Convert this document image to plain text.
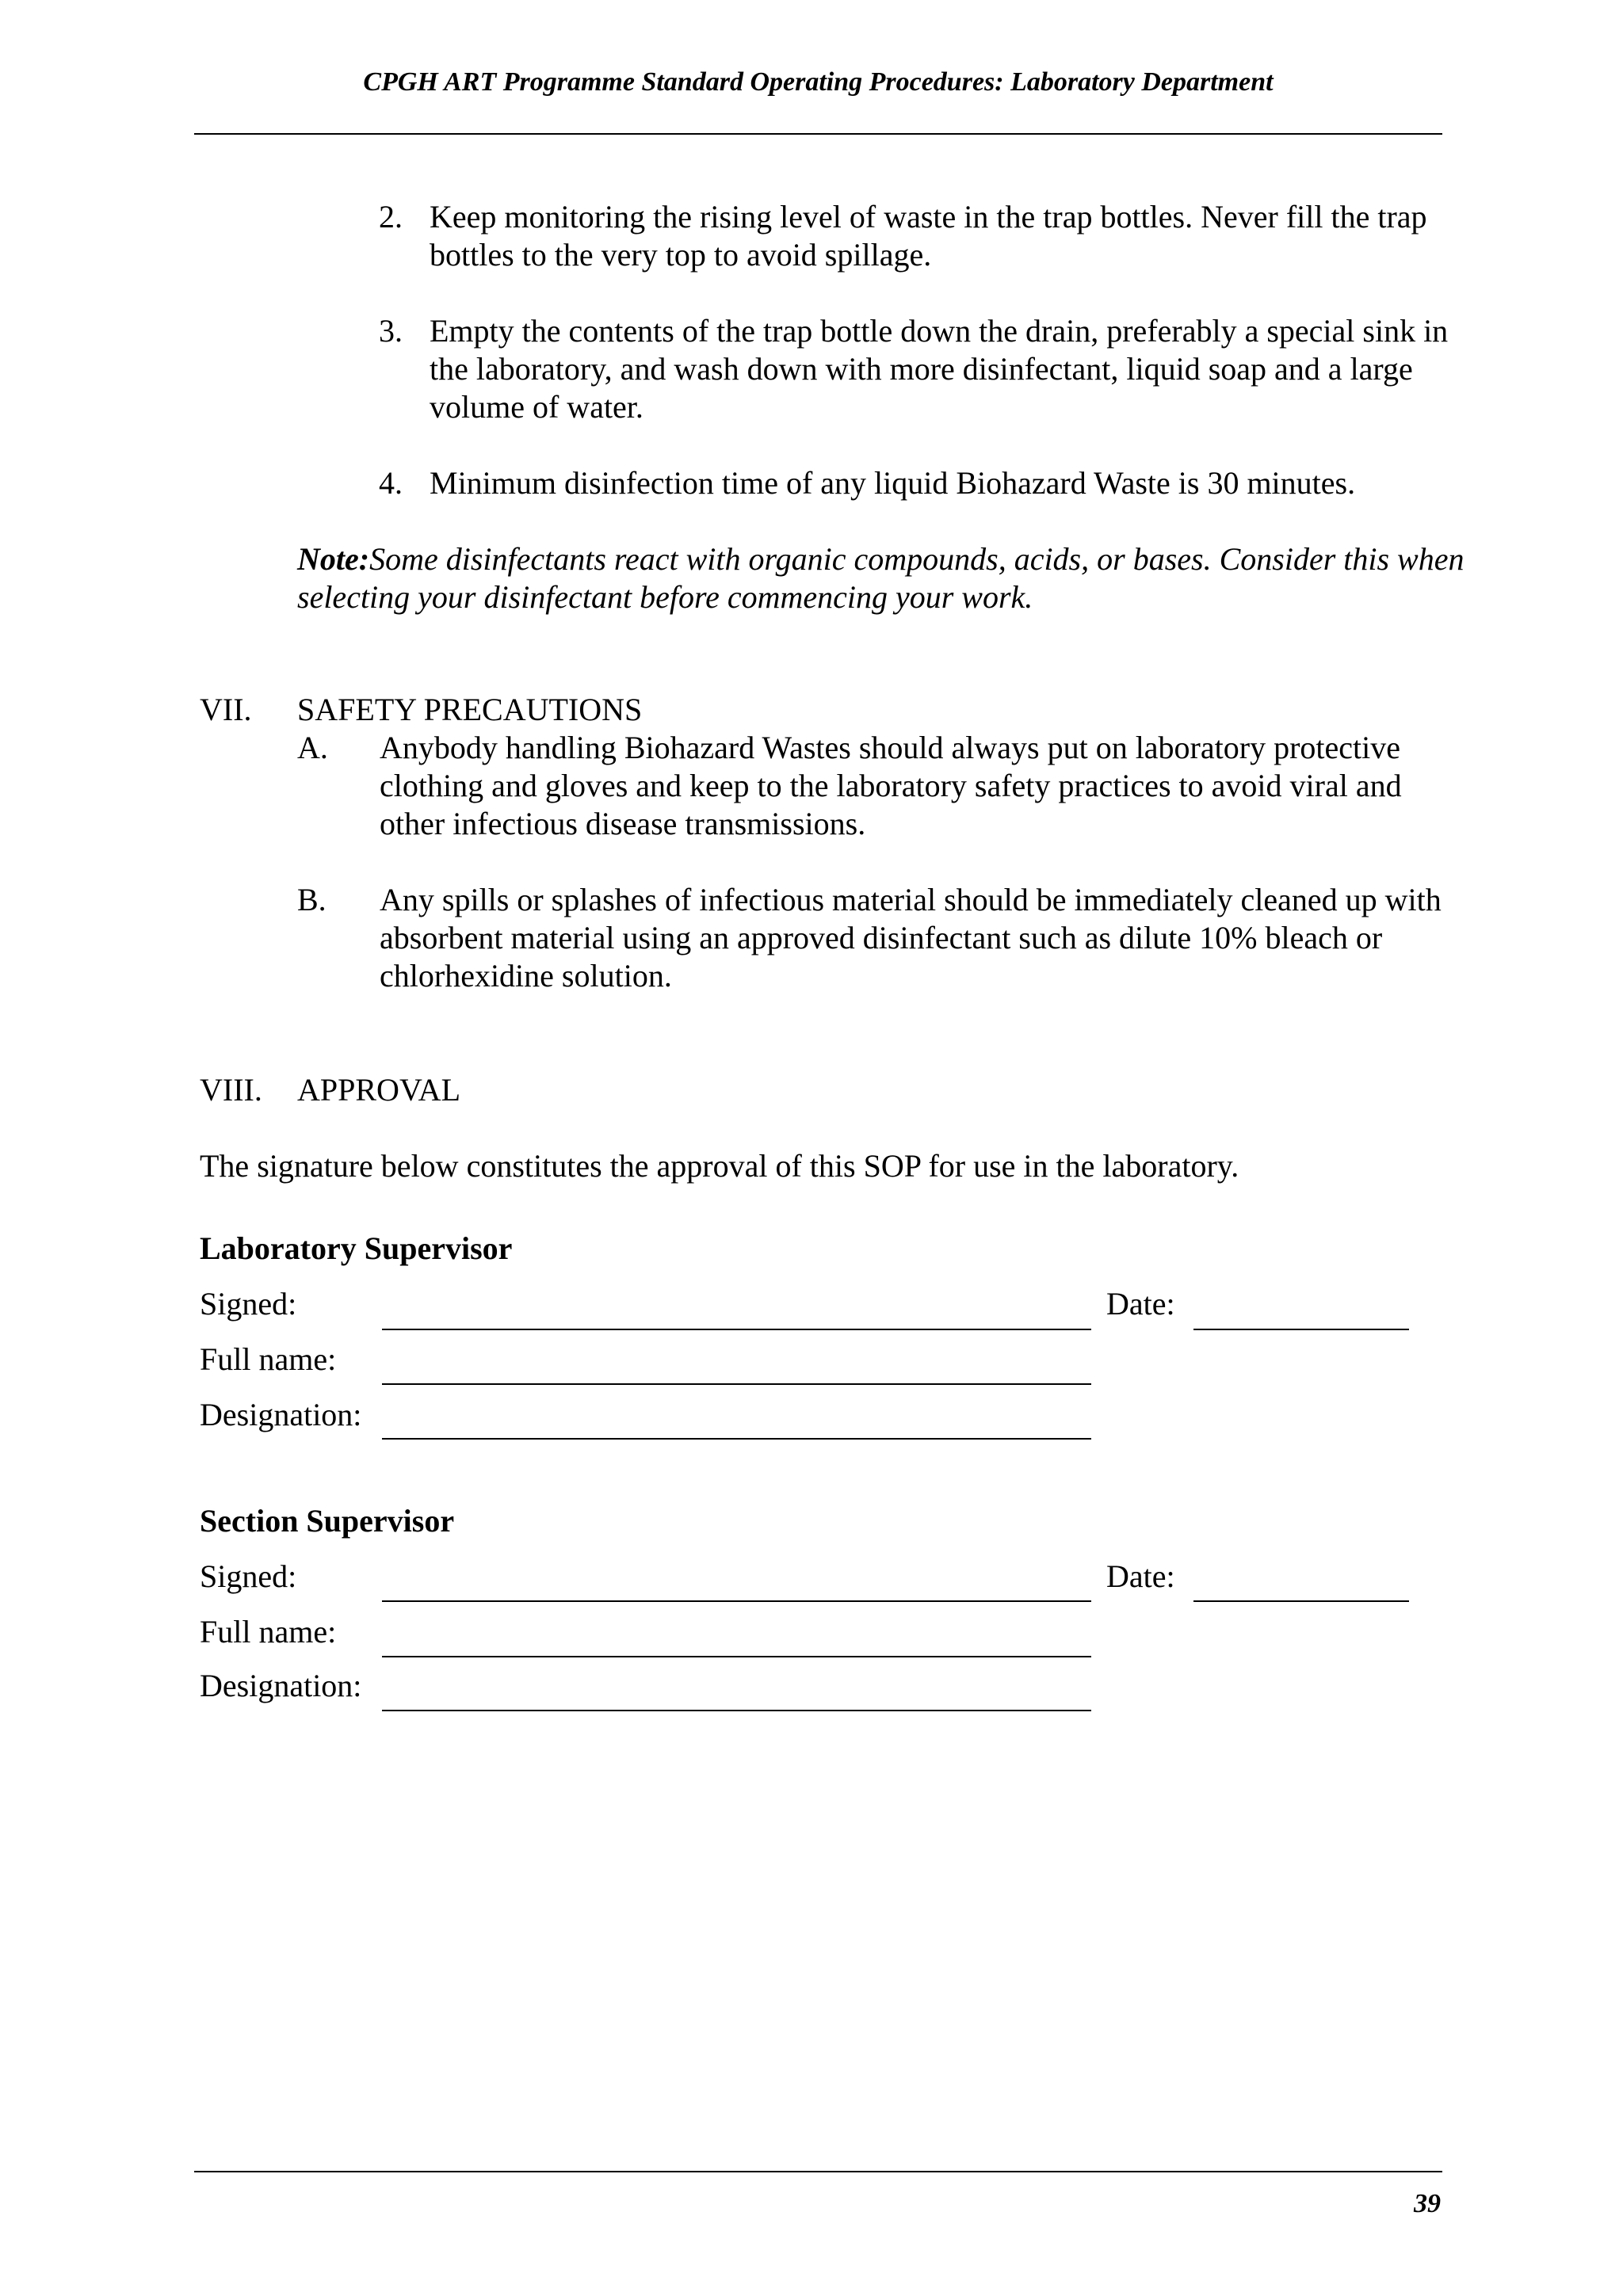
CPGH ART Programme Standard Operating Procedures: Laboratory Department
2. Keep monitoring the rising level of waste in the trap bottles. Never fill the trap bottles to the very top to avoid spillage.
3. Empty the contents of the trap bottle down the drain, preferably a special sink in the laboratory, and wash down with more disinfectant, liquid soap and a large volume of water.
4. Minimum disinfection time of any liquid Biohazard Waste is 30 minutes.
Note:Some disinfectants react with organic compounds, acids, or bases. Consider this when selecting your disinfectant before commencing your work.
VII. SAFETY PRECAUTIONS
A. Anybody handling Biohazard Wastes should always put on laboratory protective clothing and gloves and keep to the laboratory safety practices to avoid viral and other infectious disease transmissions.
B. Any spills or splashes of infectious material should be immediately cleaned up with absorbent material using an approved disinfectant such as dilute 10% bleach or chlorhexidine solution.
VIII. APPROVAL
The signature below constitutes the approval of this SOP for use in the laboratory.
Laboratory Supervisor
Signed:	Date:
Full name:
Designation:
Section Supervisor
Signed:	Date:
Full name:
Designation:
39
